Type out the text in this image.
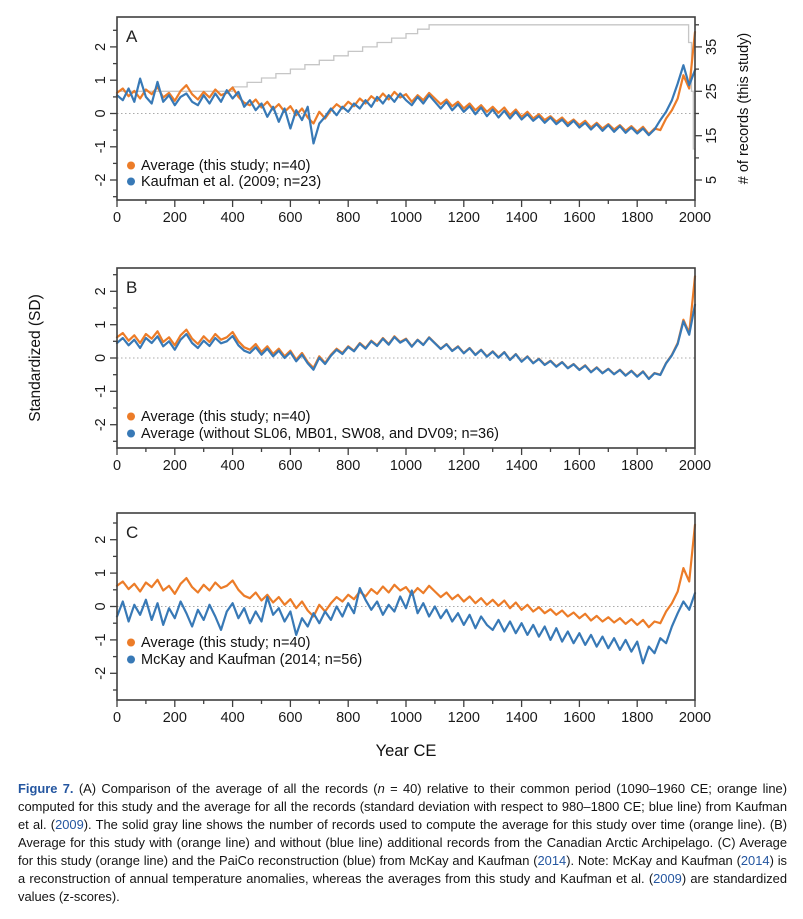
0	200 400 600 800 1000 1200 1400 1600 1800 2000
-2
-1
0
1
2
5
15
25
35 # of records (this study)
A
Average (this study; n=40)
Kaufman et al. (2009; n=23)
0	200 400 600 800 1000 1200 1400 1600 1800 2000
-2
-1
0
1
2 B
Average (this study; n=40)
Average (without SL06, MB01, SW08, and DV09; n=36)
Standardized (SD)
0	200 400 600 800 1000 1200 1400 1600 1800 2000
-2
-1
0
1
2 C
Average (this study; n=40)
McKay and Kaufman (2014; n=56)
Year CE

Figure 7. (A) Comparison of the average of all the records (n = 40) relative to their common period (1090–1960 CE; orange line) computed for this study and the average for all the records (standard deviation with respect to 980–1800 CE; blue line) from Kaufman et al. (2009). The solid gray line shows the number of records used to compute the average for this study over time (orange line). (B) Average for this study with (orange line) and without (blue line) additional records from the Canadian Arctic Archipelago. (C) Average for this study (orange line) and the PaiCo reconstruction (blue) from McKay and Kaufman (2014). Note: McKay and Kaufman (2014) is a reconstruction of annual temperature anomalies, whereas the averages from this study and Kaufman et al. (2009) are standardized values (z-scores).
